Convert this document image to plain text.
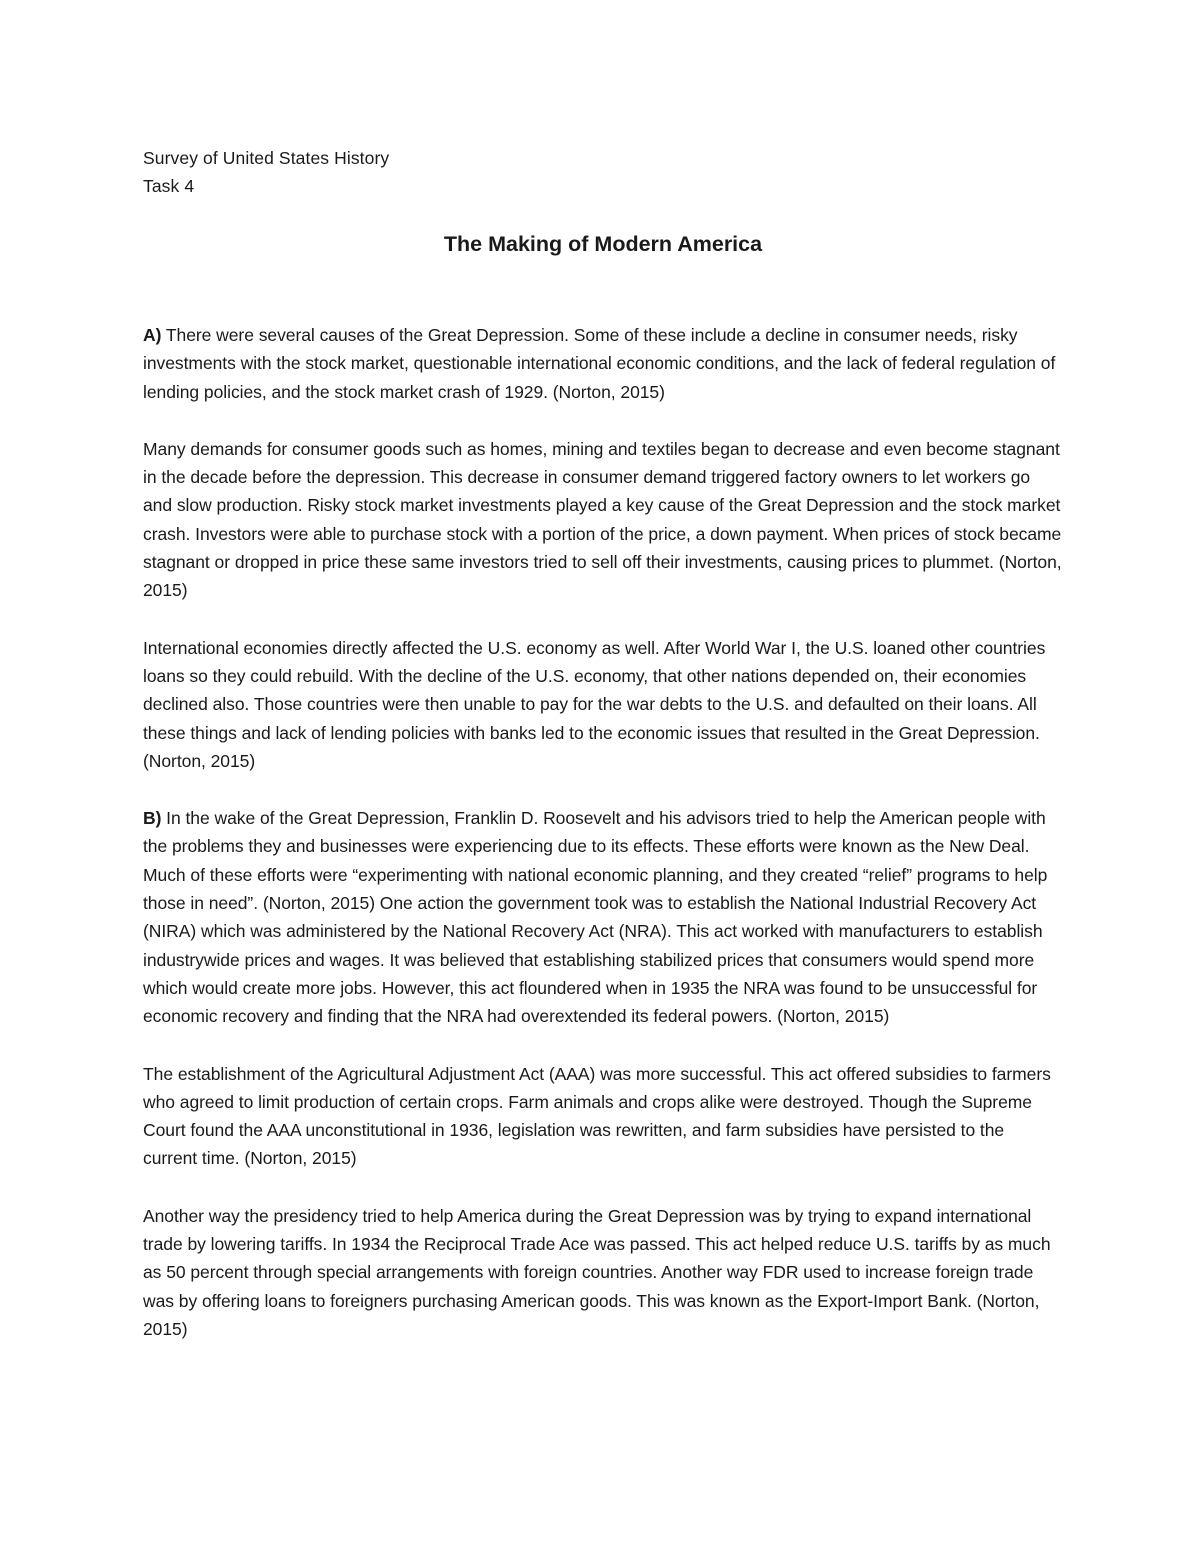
Survey of United States History

Task 4

The Making of Modern America

A) There were several causes of the Great Depression. Some of these include a decline in consumer needs, risky investments with the stock market, questionable international economic conditions, and the lack of federal regulation of lending policies, and the stock market crash of 1929. (Norton, 2015)

Many demands for consumer goods such as homes, mining and textiles began to decrease and even become stagnant in the decade before the depression. This decrease in consumer demand triggered factory owners to let workers go and slow production. Risky stock market investments played a key cause of the Great Depression and the stock market crash. Investors were able to purchase stock with a portion of the price, a down payment. When prices of stock became stagnant or dropped in price these same investors tried to sell off their investments, causing prices to plummet. (Norton, 2015)

International economies directly affected the U.S. economy as well. After World War I, the U.S. loaned other countries loans so they could rebuild. With the decline of the U.S. economy, that other nations depended on, their economies declined also. Those countries were then unable to pay for the war debts to the U.S. and defaulted on their loans. All these things and lack of lending policies with banks led to the economic issues that resulted in the Great Depression. (Norton, 2015)

B) In the wake of the Great Depression, Franklin D. Roosevelt and his advisors tried to help the American people with the problems they and businesses were experiencing due to its effects. These efforts were known as the New Deal. Much of these efforts were “experimenting with national economic planning, and they created “relief” programs to help those in need”. (Norton, 2015) One action the government took was to establish the National Industrial Recovery Act (NIRA) which was administered by the National Recovery Act (NRA). This act worked with manufacturers to establish industrywide prices and wages. It was believed that establishing stabilized prices that consumers would spend more which would create more jobs. However, this act floundered when in 1935 the NRA was found to be unsuccessful for economic recovery and finding that the NRA had overextended its federal powers. (Norton, 2015)

The establishment of the Agricultural Adjustment Act (AAA) was more successful. This act offered subsidies to farmers who agreed to limit production of certain crops. Farm animals and crops alike were destroyed. Though the Supreme Court found the AAA unconstitutional in 1936, legislation was rewritten, and farm subsidies have persisted to the current time. (Norton, 2015)

Another way the presidency tried to help America during the Great Depression was by trying to expand international trade by lowering tariffs. In 1934 the Reciprocal Trade Ace was passed. This act helped reduce U.S. tariffs by as much as 50 percent through special arrangements with foreign countries. Another way FDR used to increase foreign trade was by offering loans to foreigners purchasing American goods. This was known as the Export-Import Bank. (Norton, 2015)
